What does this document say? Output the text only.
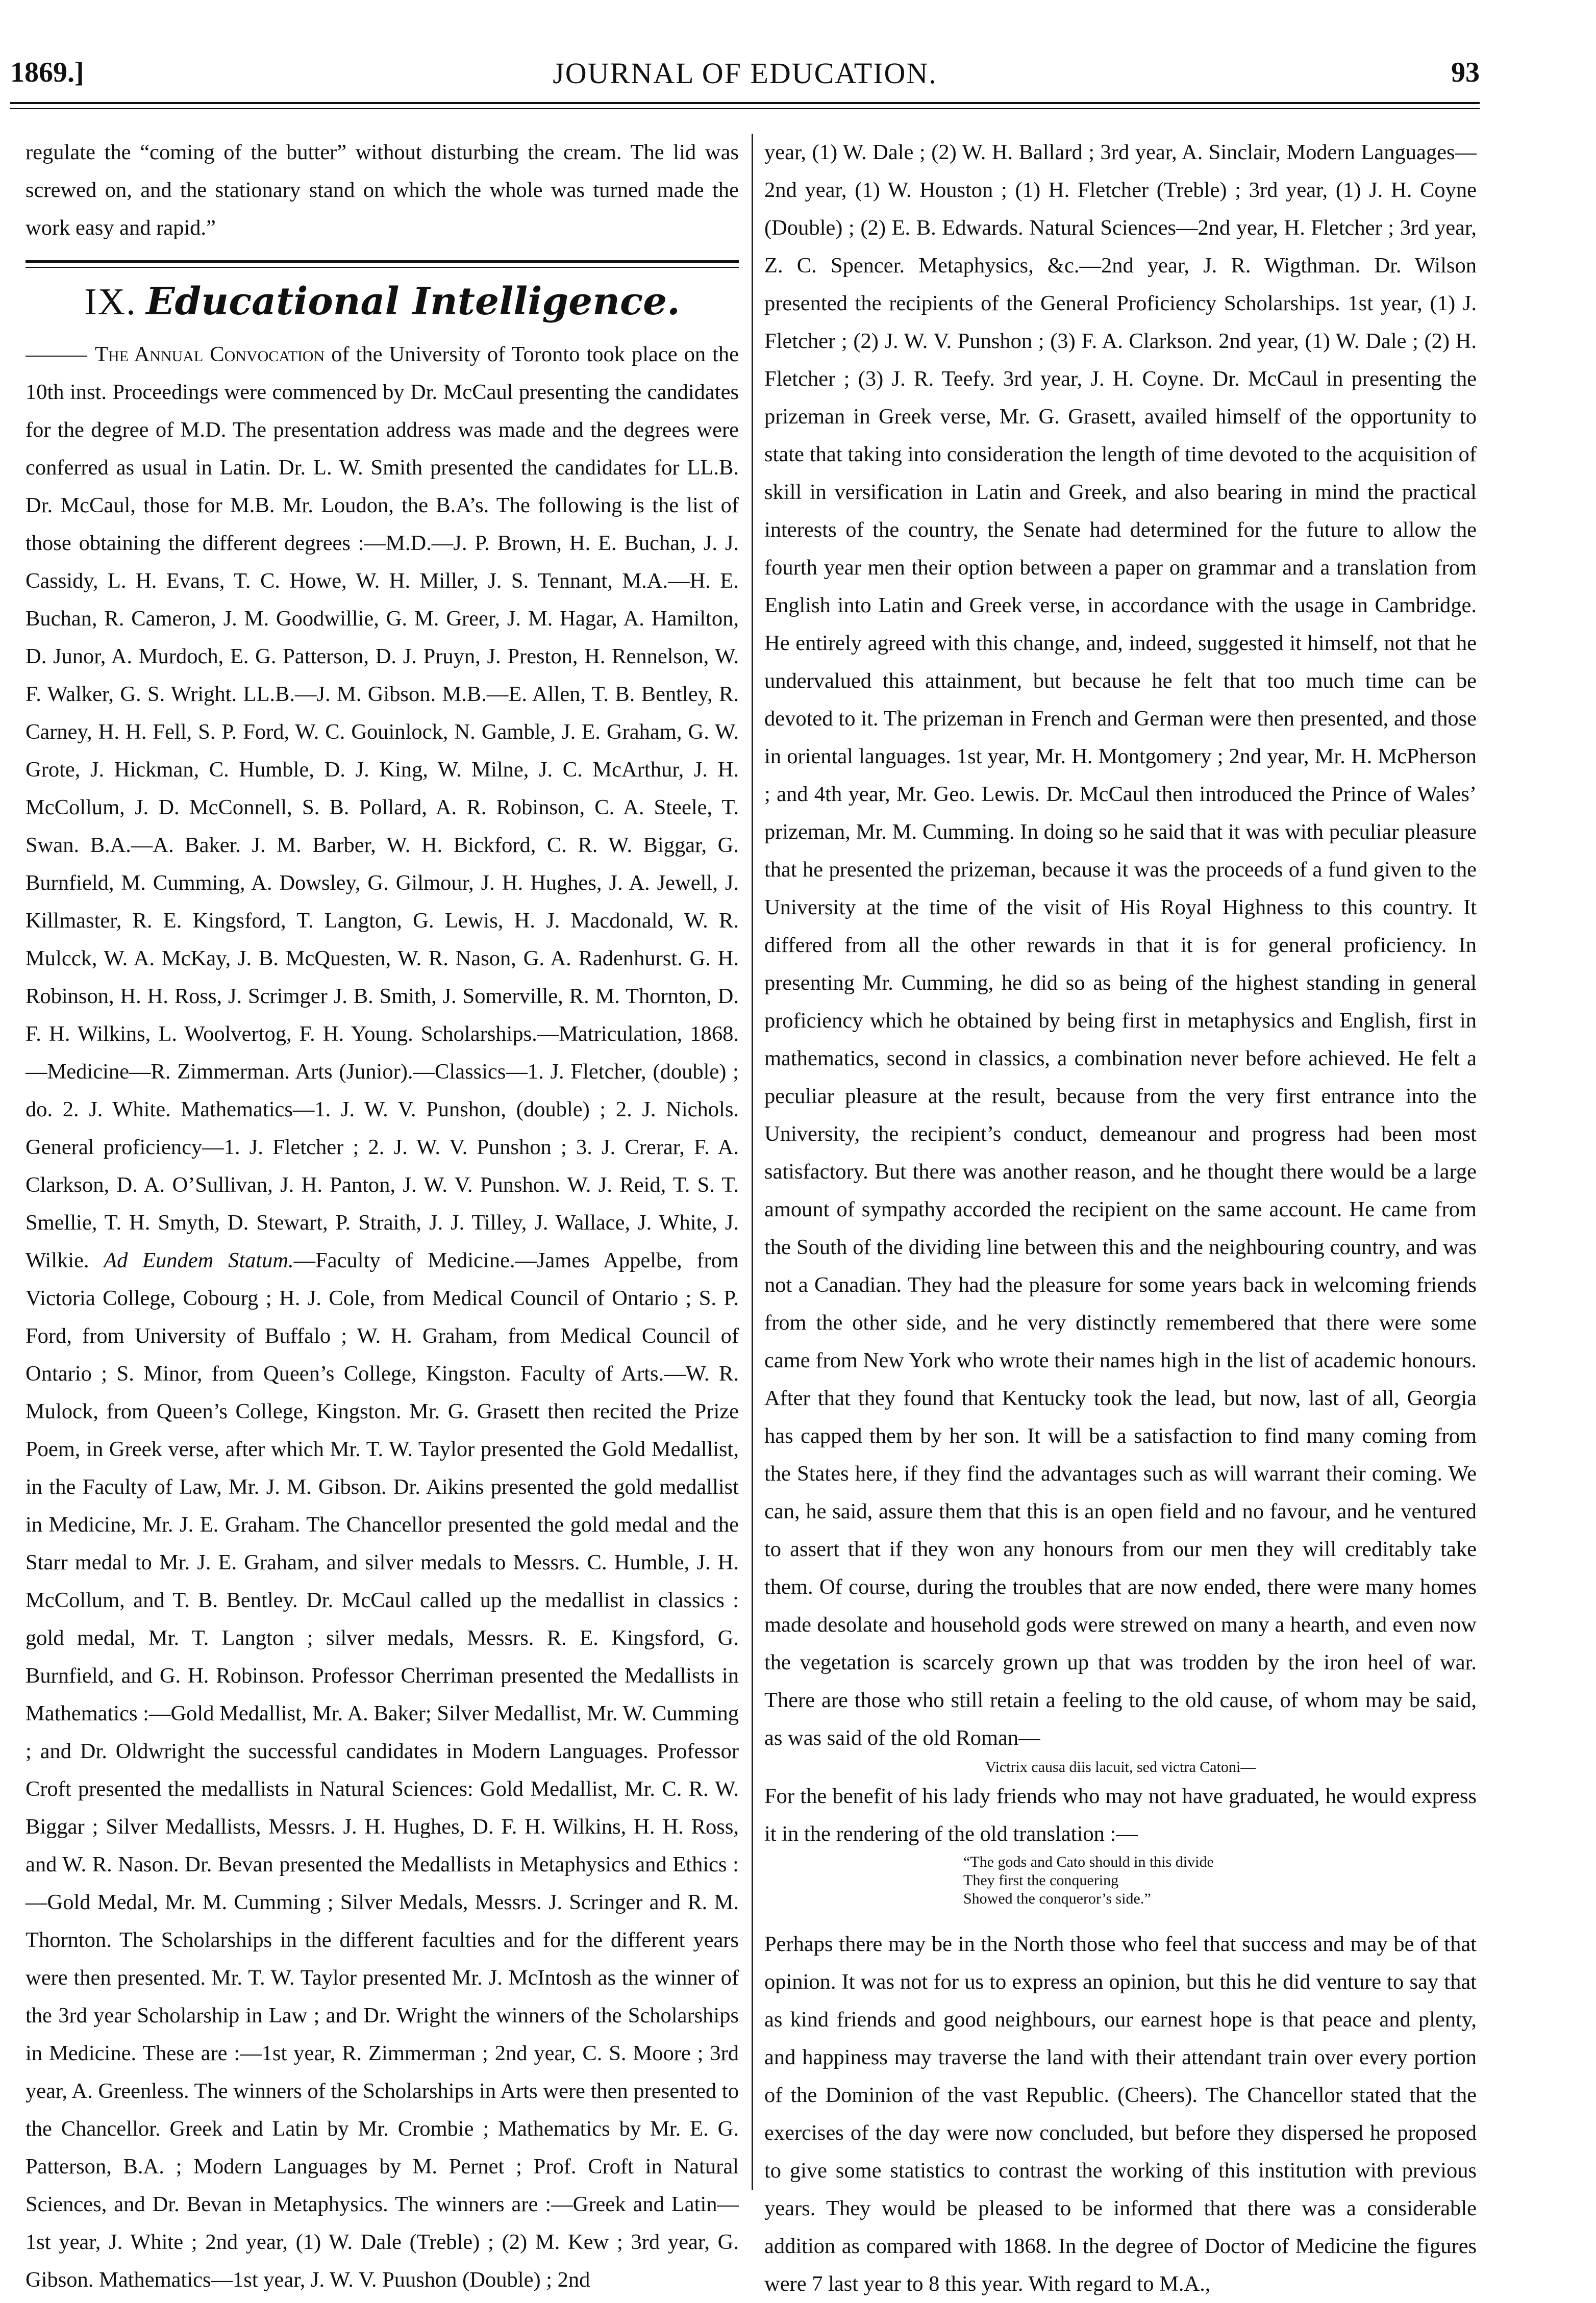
1869.]	JOURNAL OF EDUCATION.	93

regulate the “coming of the butter” without disturbing the cream. The lid was screwed on, and the stationary stand on which the whole was turned made the work easy and rapid.”

IX. Educational Intelligence.

The Annual Convocation of the University of Toronto took place on the 10th inst. Proceedings were commenced by Dr. McCaul presenting the candidates for the degree of M.D. The presentation address was made and the degrees were conferred as usual in Latin. Dr. L. W. Smith presented the candidates for LL.B. Dr. McCaul, those for M.B. Mr. Loudon, the B.A’s. The following is the list of those obtaining the different degrees :—M.D.—J. P. Brown, H. E. Buchan, J. J. Cassidy, L. H. Evans, T. C. Howe, W. H. Miller, J. S. Tennant, M.A.—H. E. Buchan, R. Cameron, J. M. Goodwillie, G. M. Greer, J. M. Hagar, A. Hamilton, D. Junor, A. Murdoch, E. G. Patterson, D. J. Pruyn, J. Preston, H. Rennelson, W. F. Walker, G. S. Wright. LL.B.—J. M. Gibson. M.B.—E. Allen, T. B. Bentley, R. Carney, H. H. Fell, S. P. Ford, W. C. Gouinlock, N. Gamble, J. E. Graham, G. W. Grote, J. Hickman, C. Humble, D. J. King, W. Milne, J. C. McArthur, J. H. McCollum, J. D. McConnell, S. B. Pollard, A. R. Robinson, C. A. Steele, T. Swan. B.A.—A. Baker. J. M. Barber, W. H. Bickford, C. R. W. Biggar, G. Burnfield, M. Cumming, A. Dowsley, G. Gilmour, J. H. Hughes, J. A. Jewell, J. Killmaster, R. E. Kingsford, T. Langton, G. Lewis, H. J. Macdonald, W. R. Mulcck, W. A. McKay, J. B. McQuesten, W. R. Nason, G. A. Radenhurst. G. H. Robinson, H. H. Ross, J. Scrimger J. B. Smith, J. Somerville, R. M. Thornton, D. F. H. Wilkins, L. Woolvertog, F. H. Young. Scholarships.—Matriculation, 1868.—Medicine—R. Zimmerman. Arts (Junior).—Classics—1. J. Fletcher, (double) ; do. 2. J. White. Mathematics—1. J. W. V. Punshon, (double) ; 2. J. Nichols. General proficiency—1. J. Fletcher ; 2. J. W. V. Punshon ; 3. J. Crerar, F. A. Clarkson, D. A. O’Sullivan, J. H. Panton, J. W. V. Punshon. W. J. Reid, T. S. T. Smellie, T. H. Smyth, D. Stewart, P. Straith, J. J. Tilley, J. Wallace, J. White, J. Wilkie. Ad Eundem Statum.—Faculty of Medicine.—James Appelbe, from Victoria College, Cobourg ; H. J. Cole, from Medical Council of Ontario ; S. P. Ford, from University of Buffalo ; W. H. Graham, from Medical Council of Ontario ; S. Minor, from Queen’s College, Kingston. Faculty of Arts.—W. R. Mulock, from Queen’s College, Kingston. Mr. G. Grasett then recited the Prize Poem, in Greek verse, after which Mr. T. W. Taylor presented the Gold Medallist, in the Faculty of Law, Mr. J. M. Gibson. Dr. Aikins presented the gold medallist in Medicine, Mr. J. E. Graham. The Chancellor presented the gold medal and the Starr medal to Mr. J. E. Graham, and silver medals to Messrs. C. Humble, J. H. McCollum, and T. B. Bentley. Dr. McCaul called up the medallist in classics : gold medal, Mr. T. Langton ; silver medals, Messrs. R. E. Kingsford, G. Burnfield, and G. H. Robinson. Professor Cherriman presented the Medallists in Mathematics :—Gold Medallist, Mr. A. Baker; Silver Medallist, Mr. W. Cumming ; and Dr. Oldwright the successful candidates in Modern Languages. Professor Croft presented the medallists in Natural Sciences: Gold Medallist, Mr. C. R. W. Biggar ; Silver Medallists, Messrs. J. H. Hughes, D. F. H. Wilkins, H. H. Ross, and W. R. Nason. Dr. Bevan presented the Medallists in Metaphysics and Ethics :—Gold Medal, Mr. M. Cumming ; Silver Medals, Messrs. J. Scringer and R. M. Thornton. The Scholarships in the different faculties and for the different years were then presented. Mr. T. W. Taylor presented Mr. J. McIntosh as the winner of the 3rd year Scholarship in Law ; and Dr. Wright the winners of the Scholarships in Medicine. These are :—1st year, R. Zimmerman ; 2nd year, C. S. Moore ; 3rd year, A. Greenless. The winners of the Scholarships in Arts were then presented to the Chancellor. Greek and Latin by Mr. Crombie ; Mathematics by Mr. E. G. Patterson, B.A. ; Modern Languages by M. Pernet ; Prof. Croft in Natural Sciences, and Dr. Bevan in Metaphysics. The winners are :—Greek and Latin—1st year, J. White ; 2nd year, (1) W. Dale (Treble) ; (2) M. Kew ; 3rd year, G. Gibson. Mathematics—1st year, J. W. V. Puushon (Double) ; 2nd

year, (1) W. Dale ; (2) W. H. Ballard ; 3rd year, A. Sinclair, Modern Languages—2nd year, (1) W. Houston ; (1) H. Fletcher (Treble) ; 3rd year, (1) J. H. Coyne (Double) ; (2) E. B. Edwards. Natural Sciences—2nd year, H. Fletcher ; 3rd year, Z. C. Spencer. Metaphysics, &c.—2nd year, J. R. Wigthman. Dr. Wilson presented the recipients of the General Proficiency Scholarships. 1st year, (1) J. Fletcher ; (2) J. W. V. Punshon ; (3) F. A. Clarkson. 2nd year, (1) W. Dale ; (2) H. Fletcher ; (3) J. R. Teefy. 3rd year, J. H. Coyne. Dr. McCaul in presenting the prizeman in Greek verse, Mr. G. Grasett, availed himself of the opportunity to state that taking into consideration the length of time devoted to the acquisition of skill in versification in Latin and Greek, and also bearing in mind the practical interests of the country, the Senate had determined for the future to allow the fourth year men their option between a paper on grammar and a translation from English into Latin and Greek verse, in accordance with the usage in Cambridge. He entirely agreed with this change, and, indeed, suggested it himself, not that he undervalued this attainment, but because he felt that too much time can be devoted to it. The prizeman in French and German were then presented, and those in oriental languages. 1st year, Mr. H. Montgomery ; 2nd year, Mr. H. McPherson ; and 4th year, Mr. Geo. Lewis. Dr. McCaul then introduced the Prince of Wales’ prizeman, Mr. M. Cumming. In doing so he said that it was with peculiar pleasure that he presented the prizeman, because it was the proceeds of a fund given to the University at the time of the visit of His Royal Highness to this country. It differed from all the other rewards in that it is for general proficiency. In presenting Mr. Cumming, he did so as being of the highest standing in general proficiency which he obtained by being first in metaphysics and English, first in mathematics, second in classics, a combination never before achieved. He felt a peculiar pleasure at the result, because from the very first entrance into the University, the recipient’s conduct, demeanour and progress had been most satisfactory. But there was another reason, and he thought there would be a large amount of sympathy accorded the recipient on the same account. He came from the South of the dividing line between this and the neighbouring country, and was not a Canadian. They had the pleasure for some years back in welcoming friends from the other side, and he very distinctly remembered that there were some came from New York who wrote their names high in the list of academic honours. After that they found that Kentucky took the lead, but now, last of all, Georgia has capped them by her son. It will be a satisfaction to find many coming from the States here, if they find the advantages such as will warrant their coming. We can, he said, assure them that this is an open field and no favour, and he ventured to assert that if they won any honours from our men they will creditably take them. Of course, during the troubles that are now ended, there were many homes made desolate and household gods were strewed on many a hearth, and even now the vegetation is scarcely grown up that was trodden by the iron heel of war. There are those who still retain a feeling to the old cause, of whom may be said, as was said of the old Roman—

Victrix causa diis lacuit, sed victra Catoni—

For the benefit of his lady friends who may not have graduated, he would express it in the rendering of the old translation :—

“The gods and Cato should in this divide
They first the conquering
Showed the conqueror’s side.”

Perhaps there may be in the North those who feel that success and may be of that opinion. It was not for us to express an opinion, but this he did venture to say that as kind friends and good neighbours, our earnest hope is that peace and plenty, and happiness may traverse the land with their attendant train over every portion of the Dominion of the vast Republic. (Cheers). The Chancellor stated that the exercises of the day were now concluded, but before they dispersed he proposed to give some statistics to contrast the working of this institution with previous years. They would be pleased to be informed that there was a considerable addition as compared with 1868. In the degree of Doctor of Medicine the figures were 7 last year to 8 this year. With regard to M.A.,
